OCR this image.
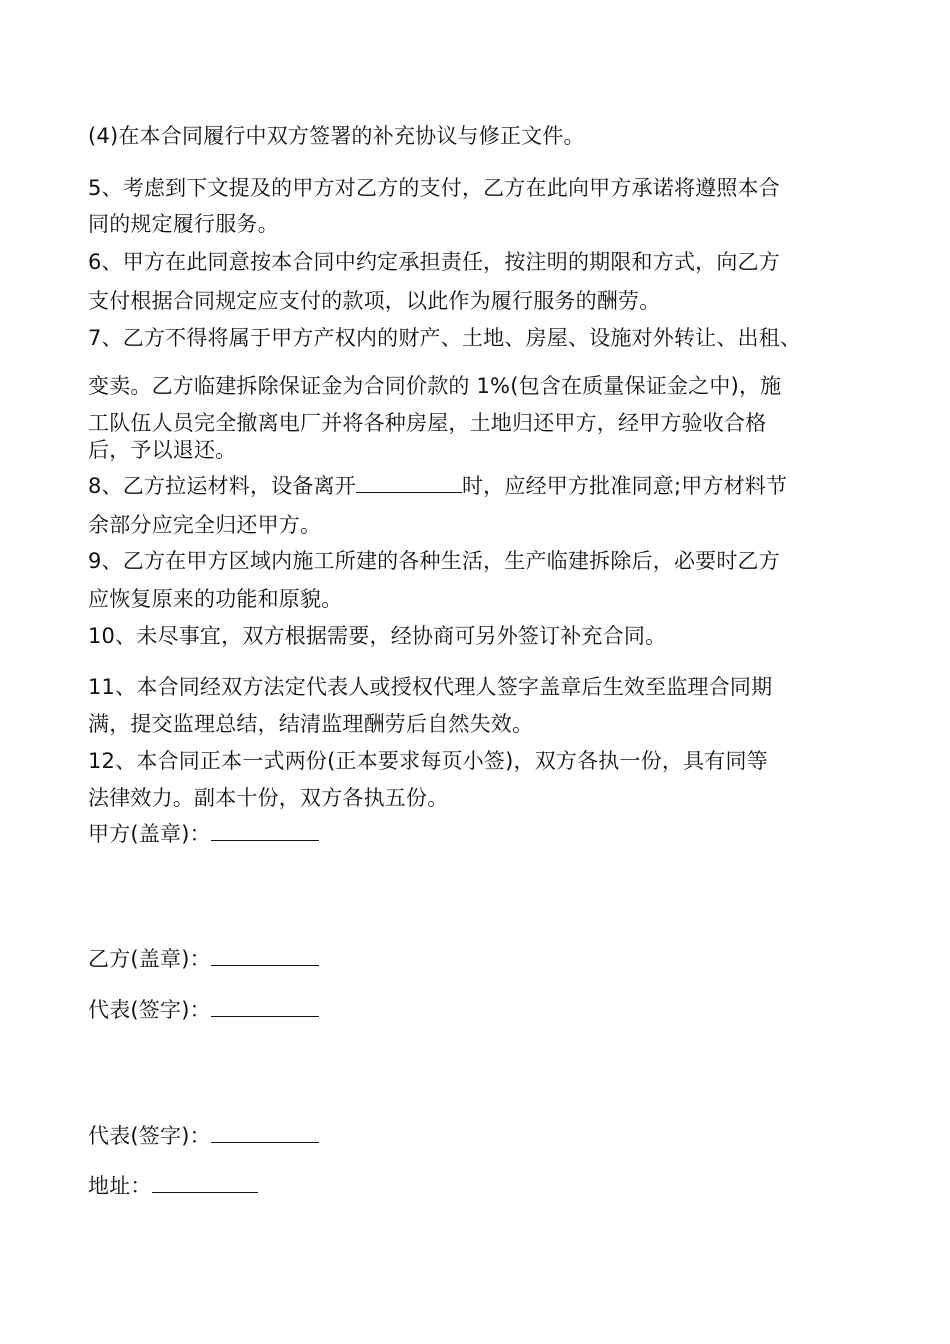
(4)在本合同履行中双方签署的补充协议与修正文件。
5、考虑到下文提及的甲方对乙方的支付，乙方在此向甲方承诺将遵照本合
同的规定履行服务。
6、甲方在此同意按本合同中约定承担责任，按注明的期限和方式，向乙方
支付根据合同规定应支付的款项，以此作为履行服务的酬劳。
7、乙方不得将属于甲方产权内的财产、土地、房屋、设施对外转让、出租、
变卖。乙方临建拆除保证金为合同价款的 1%(包含在质量保证金之中)，施
工队伍人员完全撤离电厂并将各种房屋，土地归还甲方，经甲方验收合格
后，予以退还。
8、乙方拉运材料，设备离开	时，应经甲方批准同意;甲方材料节
余部分应完全归还甲方。
9、乙方在甲方区域内施工所建的各种生活，生产临建拆除后，必要时乙方
应恢复原来的功能和原貌。
10、未尽事宜，双方根据需要，经协商可另外签订补充合同。
11、本合同经双方法定代表人或授权代理人签字盖章后生效至监理合同期
满，提交监理总结，结清监理酬劳后自然失效。
12、本合同正本一式两份(正本要求每页小签)，双方各执一份，具有同等
法律效力。副本十份，双方各执五份。
甲方(盖章)：
乙方(盖章)：
代表(签字)：
代表(签字)：
地址：
